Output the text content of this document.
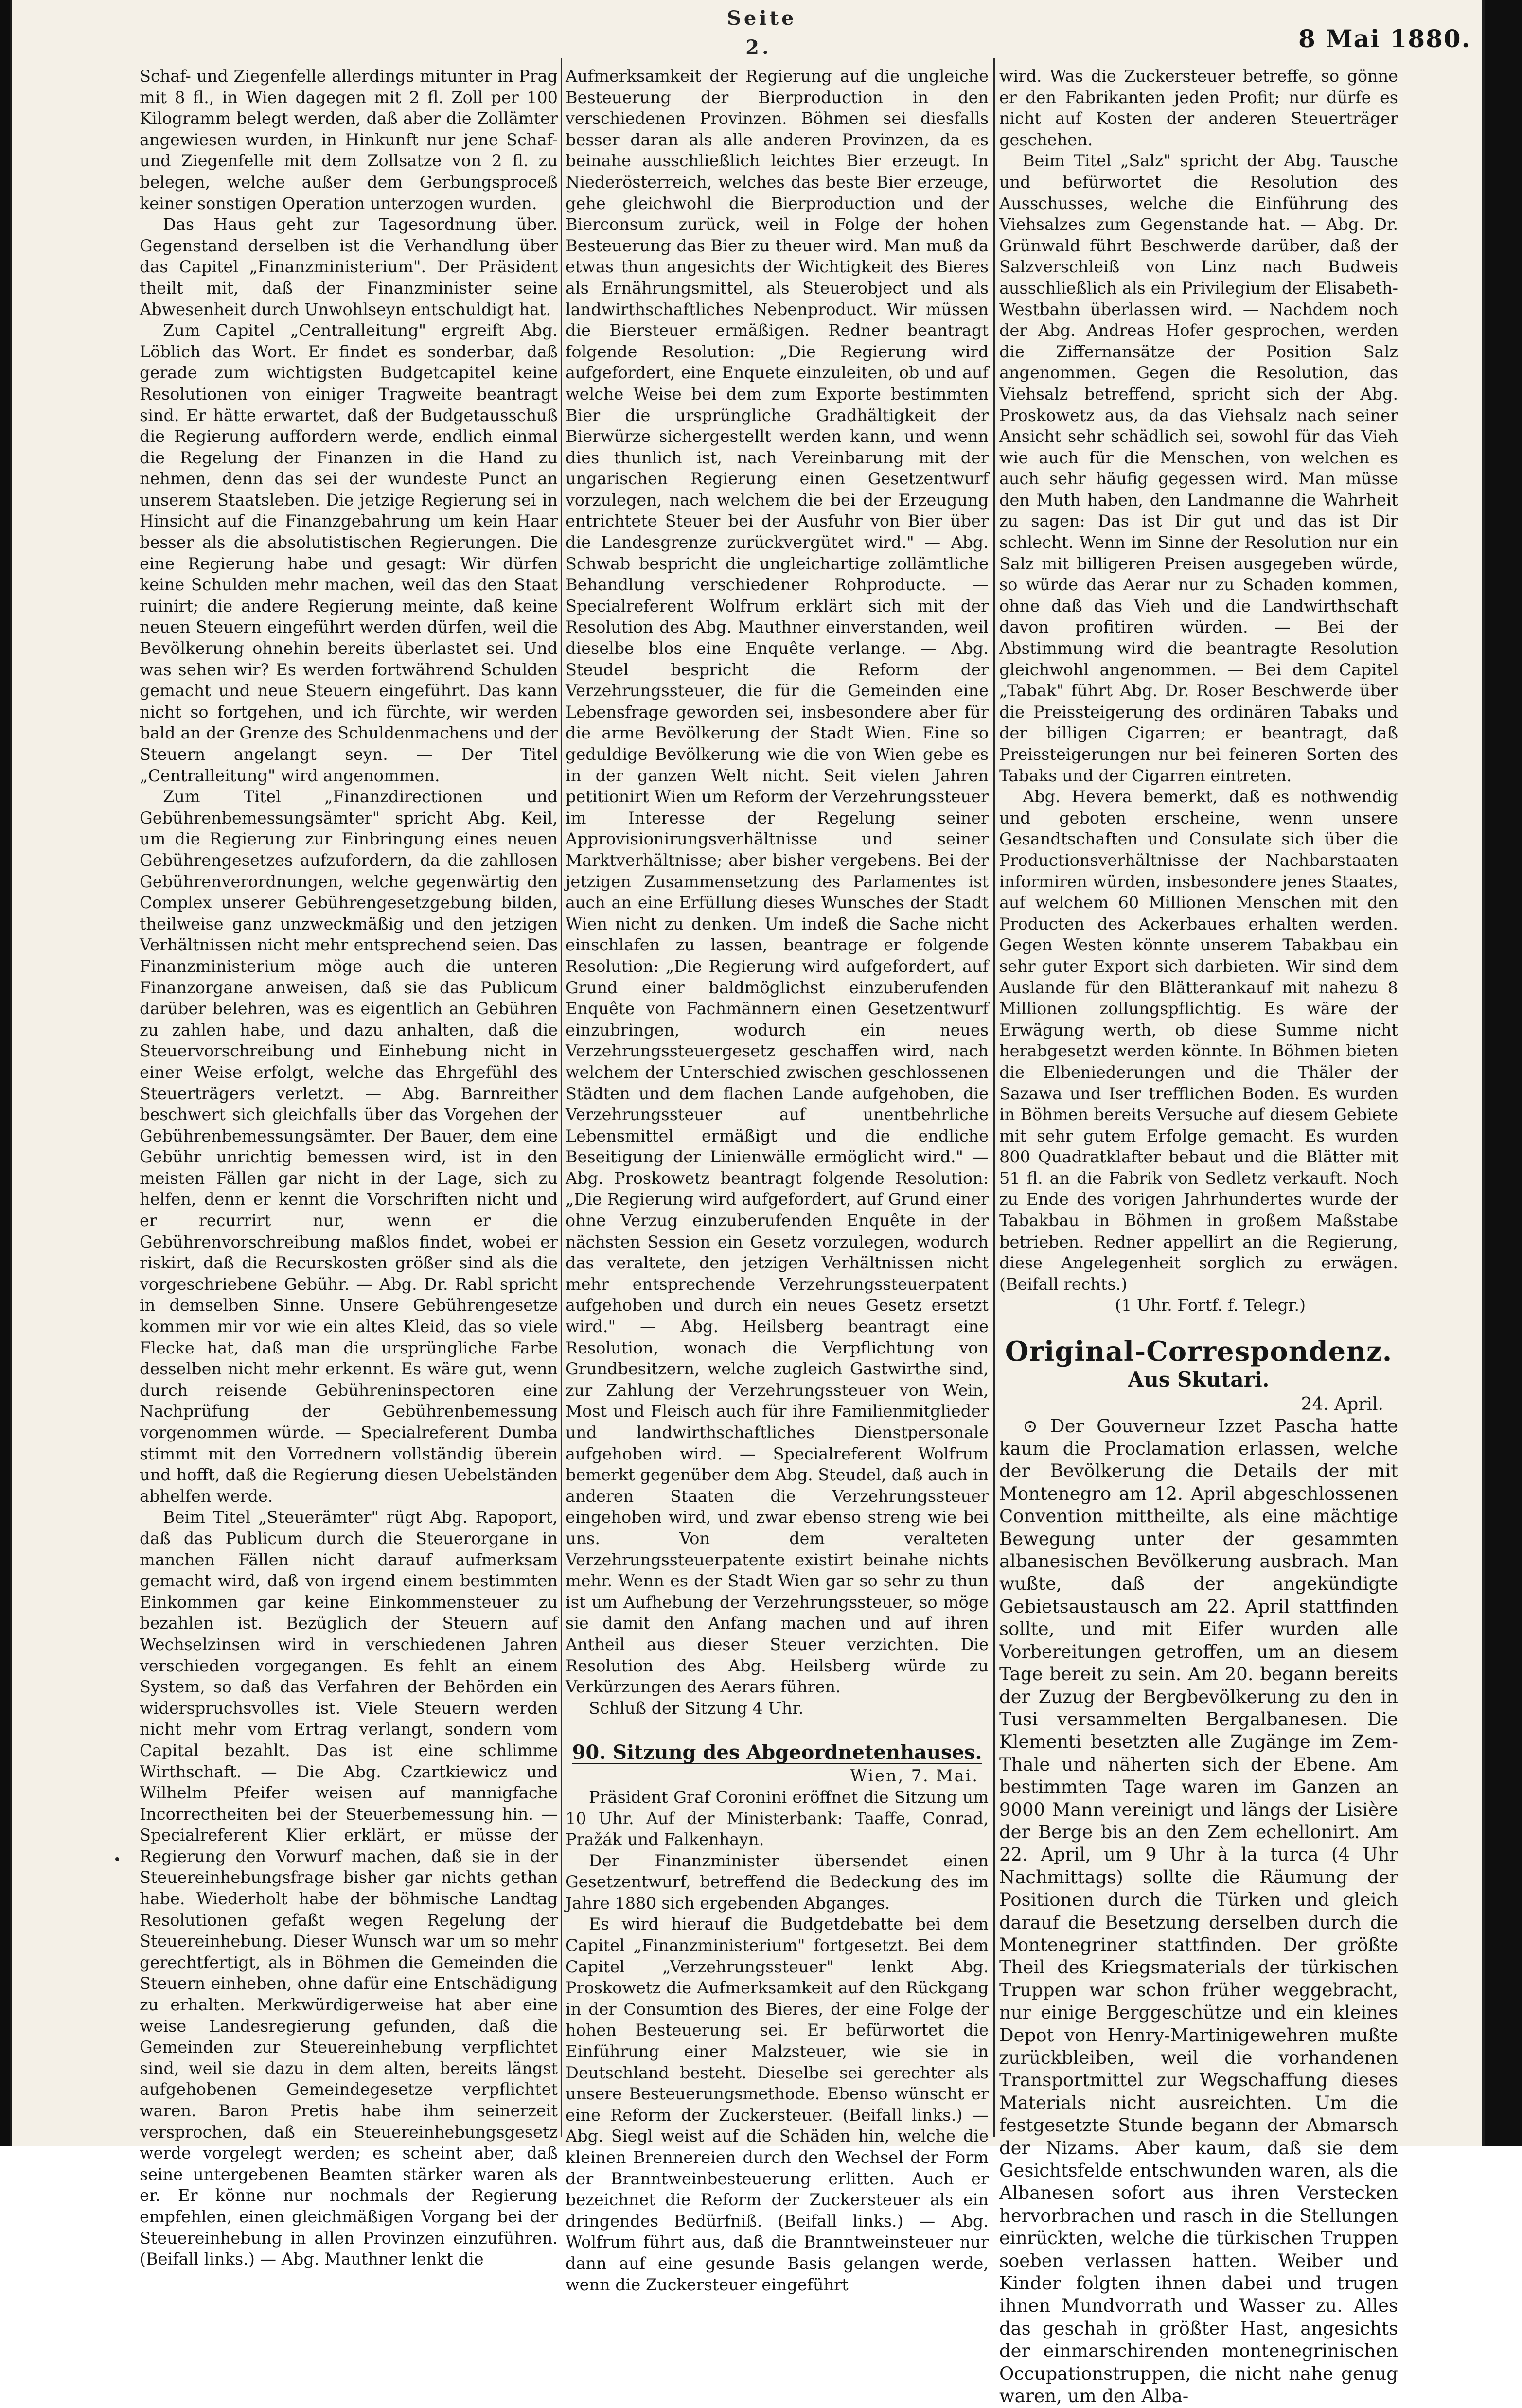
Seite 2.	8 Mai 1880.

Schaf- und Ziegenfelle allerdings mitunter in Prag mit 8 fl., in Wien dagegen mit 2 fl. Zoll per 100 Kilogramm belegt werden, daß aber die Zollämter angewiesen wurden, in Hinkunft nur jene Schaf- und Ziegenfelle mit dem Zollsatze von 2 fl. zu belegen, welche außer dem Gerbungsproceß keiner sonstigen Operation unterzogen wurden.

Das Haus geht zur Tagesordnung über. Gegenstand derselben ist die Verhandlung über das Capitel „Finanzministerium". Der Präsident theilt mit, daß der Finanzminister seine Abwesenheit durch Unwohlseyn entschuldigt hat.

Zum Capitel „Centralleitung" ergreift Abg. Löblich das Wort. Er findet es sonderbar, daß gerade zum wichtigsten Budgetcapitel keine Resolutionen von einiger Tragweite beantragt sind. Er hätte erwartet, daß der Budgetausschuß die Regierung auffordern werde, endlich einmal die Regelung der Finanzen in die Hand zu nehmen, denn das sei der wundeste Punct an unserem Staatsleben. Die jetzige Regierung sei in Hinsicht auf die Finanzgebahrung um kein Haar besser als die absolutistischen Regierungen. Die eine Regierung habe und gesagt: Wir dürfen keine Schulden mehr machen, weil das den Staat ruinirt; die andere Regierung meinte, daß keine neuen Steuern eingeführt werden dürfen, weil die Bevölkerung ohnehin bereits überlastet sei. Und was sehen wir? Es werden fortwährend Schulden gemacht und neue Steuern eingeführt. Das kann nicht so fortgehen, und ich fürchte, wir werden bald an der Grenze des Schuldenmachens und der Steuern angelangt seyn. — Der Titel „Centralleitung" wird angenommen.

Zum Titel „Finanzdirectionen und Gebührenbemessungsämter" spricht Abg. Keil, um die Regierung zur Einbringung eines neuen Gebührengesetzes aufzufordern, da die zahllosen Gebührenverordnungen, welche gegenwärtig den Complex unserer Gebührengesetzgebung bilden, theilweise ganz unzweckmäßig und den jetzigen Verhältnissen nicht mehr entsprechend seien. Das Finanzministerium möge auch die unteren Finanzorgane anweisen, daß sie das Publicum darüber belehren, was es eigentlich an Gebühren zu zahlen habe, und dazu anhalten, daß die Steuervorschreibung und Einhebung nicht in einer Weise erfolgt, welche das Ehrgefühl des Steuerträgers verletzt. — Abg. Barnreither beschwert sich gleichfalls über das Vorgehen der Gebührenbemessungsämter. Der Bauer, dem eine Gebühr unrichtig bemessen wird, ist in den meisten Fällen gar nicht in der Lage, sich zu helfen, denn er kennt die Vorschriften nicht und er recurrirt nur, wenn er die Gebührenvorschreibung maßlos findet, wobei er riskirt, daß die Recurskosten größer sind als die vorgeschriebene Gebühr. — Abg. Dr. Rabl spricht in demselben Sinne. Unsere Gebührengesetze kommen mir vor wie ein altes Kleid, das so viele Flecke hat, daß man die ursprüngliche Farbe desselben nicht mehr erkennt. Es wäre gut, wenn durch reisende Gebühreninspectoren eine Nachprüfung der Gebührenbemessung vorgenommen würde. — Specialreferent Dumba stimmt mit den Vorrednern vollständig überein und hofft, daß die Regierung diesen Uebelständen abhelfen werde.

Beim Titel „Steuerämter" rügt Abg. Rapoport, daß das Publicum durch die Steuerorgane in manchen Fällen nicht darauf aufmerksam gemacht wird, daß von irgend einem bestimmten Einkommen gar keine Einkommensteuer zu bezahlen ist. Bezüglich der Steuern auf Wechselzinsen wird in verschiedenen Jahren verschieden vorgegangen. Es fehlt an einem System, so daß das Verfahren der Behörden ein widerspruchsvolles ist. Viele Steuern werden nicht mehr vom Ertrag verlangt, sondern vom Capital bezahlt. Das ist eine schlimme Wirthschaft. — Die Abg. Czartkiewicz und Wilhelm Pfeifer weisen auf mannigfache Incorrectheiten bei der Steuerbemessung hin. — Specialreferent Klier erklärt, er müsse der Regierung den Vorwurf machen, daß sie in der Steuereinhebungsfrage bisher gar nichts gethan habe. Wiederholt habe der böhmische Landtag Resolutionen gefaßt wegen Regelung der Steuereinhebung. Dieser Wunsch war um so mehr gerechtfertigt, als in Böhmen die Gemeinden die Steuern einheben, ohne dafür eine Entschädigung zu erhalten. Merkwürdigerweise hat aber eine weise Landesregierung gefunden, daß die Gemeinden zur Steuereinhebung verpflichtet sind, weil sie dazu in dem alten, bereits längst aufgehobenen Gemeindegesetze verpflichtet waren. Baron Pretis habe ihm seinerzeit versprochen, daß ein Steuereinhebungsgesetz werde vorgelegt werden; es scheint aber, daß seine untergebenen Beamten stärker waren als er. Er könne nur nochmals der Regierung empfehlen, einen gleichmäßigen Vorgang bei der Steuereinhebung in allen Provinzen einzuführen. (Beifall links.) — Abg. Mauthner lenkt die

Aufmerksamkeit der Regierung auf die ungleiche Besteuerung der Bierproduction in den verschiedenen Provinzen. Böhmen sei diesfalls besser daran als alle anderen Provinzen, da es beinahe ausschließlich leichtes Bier erzeugt. In Niederösterreich, welches das beste Bier erzeuge, gehe gleichwohl die Bierproduction und der Bierconsum zurück, weil in Folge der hohen Besteuerung das Bier zu theuer wird. Man muß da etwas thun angesichts der Wichtigkeit des Bieres als Ernährungsmittel, als Steuerobject und als landwirthschaftliches Nebenproduct. Wir müssen die Biersteuer ermäßigen. Redner beantragt folgende Resolution: „Die Regierung wird aufgefordert, eine Enquete einzuleiten, ob und auf welche Weise bei dem zum Exporte bestimmten Bier die ursprüngliche Gradhältigkeit der Bierwürze sichergestellt werden kann, und wenn dies thunlich ist, nach Vereinbarung mit der ungarischen Regierung einen Gesetzentwurf vorzulegen, nach welchem die bei der Erzeugung entrichtete Steuer bei der Ausfuhr von Bier über die Landesgrenze zurückvergütet wird." — Abg. Schwab bespricht die ungleichartige zollämtliche Behandlung verschiedener Rohproducte. — Specialreferent Wolfrum erklärt sich mit der Resolution des Abg. Mauthner einverstanden, weil dieselbe blos eine Enquête verlange. — Abg. Steudel bespricht die Reform der Verzehrungssteuer, die für die Gemeinden eine Lebensfrage geworden sei, insbesondere aber für die arme Bevölkerung der Stadt Wien. Eine so geduldige Bevölkerung wie die von Wien gebe es in der ganzen Welt nicht. Seit vielen Jahren petitionirt Wien um Reform der Verzehrungssteuer im Interesse der Regelung seiner Approvisionirungsverhältnisse und seiner Marktverhältnisse; aber bisher vergebens. Bei der jetzigen Zusammensetzung des Parlamentes ist auch an eine Erfüllung dieses Wunsches der Stadt Wien nicht zu denken. Um indeß die Sache nicht einschlafen zu lassen, beantrage er folgende Resolution: „Die Regierung wird aufgefordert, auf Grund einer baldmöglichst einzuberufenden Enquête von Fachmännern einen Gesetzentwurf einzubringen, wodurch ein neues Verzehrungssteuergesetz geschaffen wird, nach welchem der Unterschied zwischen geschlossenen Städten und dem flachen Lande aufgehoben, die Verzehrungssteuer auf unentbehrliche Lebensmittel ermäßigt und die endliche Beseitigung der Linienwälle ermöglicht wird." — Abg. Proskowetz beantragt folgende Resolution: „Die Regierung wird aufgefordert, auf Grund einer ohne Verzug einzuberufenden Enquête in der nächsten Session ein Gesetz vorzulegen, wodurch das veraltete, den jetzigen Verhältnissen nicht mehr entsprechende Verzehrungssteuerpatent aufgehoben und durch ein neues Gesetz ersetzt wird." — Abg. Heilsberg beantragt eine Resolution, wonach die Verpflichtung von Grundbesitzern, welche zugleich Gastwirthe sind, zur Zahlung der Verzehrungssteuer von Wein, Most und Fleisch auch für ihre Familienmitglieder und landwirthschaftliches Dienstpersonale aufgehoben wird. — Specialreferent Wolfrum bemerkt gegenüber dem Abg. Steudel, daß auch in anderen Staaten die Verzehrungssteuer eingehoben wird, und zwar ebenso streng wie bei uns. Von dem veralteten Verzehrungssteuerpatente existirt beinahe nichts mehr. Wenn es der Stadt Wien gar so sehr zu thun ist um Aufhebung der Verzehrungssteuer, so möge sie damit den Anfang machen und auf ihren Antheil aus dieser Steuer verzichten. Die Resolution des Abg. Heilsberg würde zu Verkürzungen des Aerars führen.

Schluß der Sitzung 4 Uhr.

90. Sitzung des Abgeordnetenhauses.

Wien, 7. Mai.

Präsident Graf Coronini eröffnet die Sitzung um 10 Uhr. Auf der Ministerbank: Taaffe, Conrad, Pražák und Falkenhayn.

Der Finanzminister übersendet einen Gesetzentwurf, betreffend die Bedeckung des im Jahre 1880 sich ergebenden Abganges.

Es wird hierauf die Budgetdebatte bei dem Capitel „Finanzministerium" fortgesetzt. Bei dem Capitel „Verzehrungssteuer" lenkt Abg. Proskowetz die Aufmerksamkeit auf den Rückgang in der Consumtion des Bieres, der eine Folge der hohen Besteuerung sei. Er befürwortet die Einführung einer Malzsteuer, wie sie in Deutschland besteht. Dieselbe sei gerechter als unsere Besteuerungsmethode. Ebenso wünscht er eine Reform der Zuckersteuer. (Beifall links.) — Abg. Siegl weist auf die Schäden hin, welche die kleinen Brennereien durch den Wechsel der Form der Branntweinbesteuerung erlitten. Auch er bezeichnet die Reform der Zuckersteuer als ein dringendes Bedürfniß. (Beifall links.) — Abg. Wolfrum führt aus, daß die Branntweinsteuer nur dann auf eine gesunde Basis gelangen werde, wenn die Zuckersteuer eingeführt

wird. Was die Zuckersteuer betreffe, so gönne er den Fabrikanten jeden Profit; nur dürfe es nicht auf Kosten der anderen Steuerträger geschehen.

Beim Titel „Salz" spricht der Abg. Tausche und befürwortet die Resolution des Ausschusses, welche die Einführung des Viehsalzes zum Gegenstande hat. — Abg. Dr. Grünwald führt Beschwerde darüber, daß der Salzverschleiß von Linz nach Budweis ausschließlich als ein Privilegium der Elisabeth-Westbahn überlassen wird. — Nachdem noch der Abg. Andreas Hofer gesprochen, werden die Ziffernansätze der Position Salz angenommen. Gegen die Resolution, das Viehsalz betreffend, spricht sich der Abg. Proskowetz aus, da das Viehsalz nach seiner Ansicht sehr schädlich sei, sowohl für das Vieh wie auch für die Menschen, von welchen es auch sehr häufig gegessen wird. Man müsse den Muth haben, den Landmanne die Wahrheit zu sagen: Das ist Dir gut und das ist Dir schlecht. Wenn im Sinne der Resolution nur ein Salz mit billigeren Preisen ausgegeben würde, so würde das Aerar nur zu Schaden kommen, ohne daß das Vieh und die Landwirthschaft davon profitiren würden. — Bei der Abstimmung wird die beantragte Resolution gleichwohl angenommen. — Bei dem Capitel „Tabak" führt Abg. Dr. Roser Beschwerde über die Preissteigerung des ordinären Tabaks und der billigen Cigarren; er beantragt, daß Preissteigerungen nur bei feineren Sorten des Tabaks und der Cigarren eintreten.

Abg. Hevera bemerkt, daß es nothwendig und geboten erscheine, wenn unsere Gesandtschaften und Consulate sich über die Productionsverhältnisse der Nachbarstaaten informiren würden, insbesondere jenes Staates, auf welchem 60 Millionen Menschen mit den Producten des Ackerbaues erhalten werden. Gegen Westen könnte unserem Tabakbau ein sehr guter Export sich darbieten. Wir sind dem Auslande für den Blätterankauf mit nahezu 8 Millionen zollungspflichtig. Es wäre der Erwägung werth, ob diese Summe nicht herabgesetzt werden könnte. In Böhmen bieten die Elbeniederungen und die Thäler der Sazawa und Iser trefflichen Boden. Es wurden in Böhmen bereits Versuche auf diesem Gebiete mit sehr gutem Erfolge gemacht. Es wurden 800 Quadratklafter bebaut und die Blätter mit 51 fl. an die Fabrik von Sedletz verkauft. Noch zu Ende des vorigen Jahrhundertes wurde der Tabakbau in Böhmen in großem Maßstabe betrieben. Redner appellirt an die Regierung, diese Angelegenheit sorglich zu erwägen. (Beifall rechts.)

(1 Uhr. Fortf. f. Telegr.)

Original-Correspondenz.
Aus Skutari.
24. April.

⊙ Der Gouverneur Izzet Pascha hatte kaum die Proclamation erlassen, welche der Bevölkerung die Details der mit Montenegro am 12. April abgeschlossenen Convention mittheilte, als eine mächtige Bewegung unter der gesammten albanesischen Bevölkerung ausbrach. Man wußte, daß der angekündigte Gebietsaustausch am 22. April stattfinden sollte, und mit Eifer wurden alle Vorbereitungen getroffen, um an diesem Tage bereit zu sein. Am 20. begann bereits der Zuzug der Bergbevölkerung zu den in Tusi versammelten Bergalbanesen. Die Klementi besetzten alle Zugänge im Zem-Thale und näherten sich der Ebene. Am bestimmten Tage waren im Ganzen an 9000 Mann vereinigt und längs der Lisière der Berge bis an den Zem echellonirt. Am 22. April, um 9 Uhr à la turca (4 Uhr Nachmittags) sollte die Räumung der Positionen durch die Türken und gleich darauf die Besetzung derselben durch die Montenegriner stattfinden. Der größte Theil des Kriegsmaterials der türkischen Truppen war schon früher weggebracht, nur einige Berggeschütze und ein kleines Depot von Henry-Martinigewehren mußte zurückbleiben, weil die vorhandenen Transportmittel zur Wegschaffung dieses Materials nicht ausreichten. Um die festgesetzte Stunde begann der Abmarsch der Nizams. Aber kaum, daß sie dem Gesichtsfelde entschwunden waren, als die Albanesen sofort aus ihren Verstecken hervorbrachen und rasch in die Stellungen einrückten, welche die türkischen Truppen soeben verlassen hatten. Weiber und Kinder folgten ihnen dabei und trugen ihnen Mundvorrath und Wasser zu. Alles das geschah in größter Hast, angesichts der einmarschirenden montenegrinischen Occupationstruppen, die nicht nahe genug waren, um den Alba-
